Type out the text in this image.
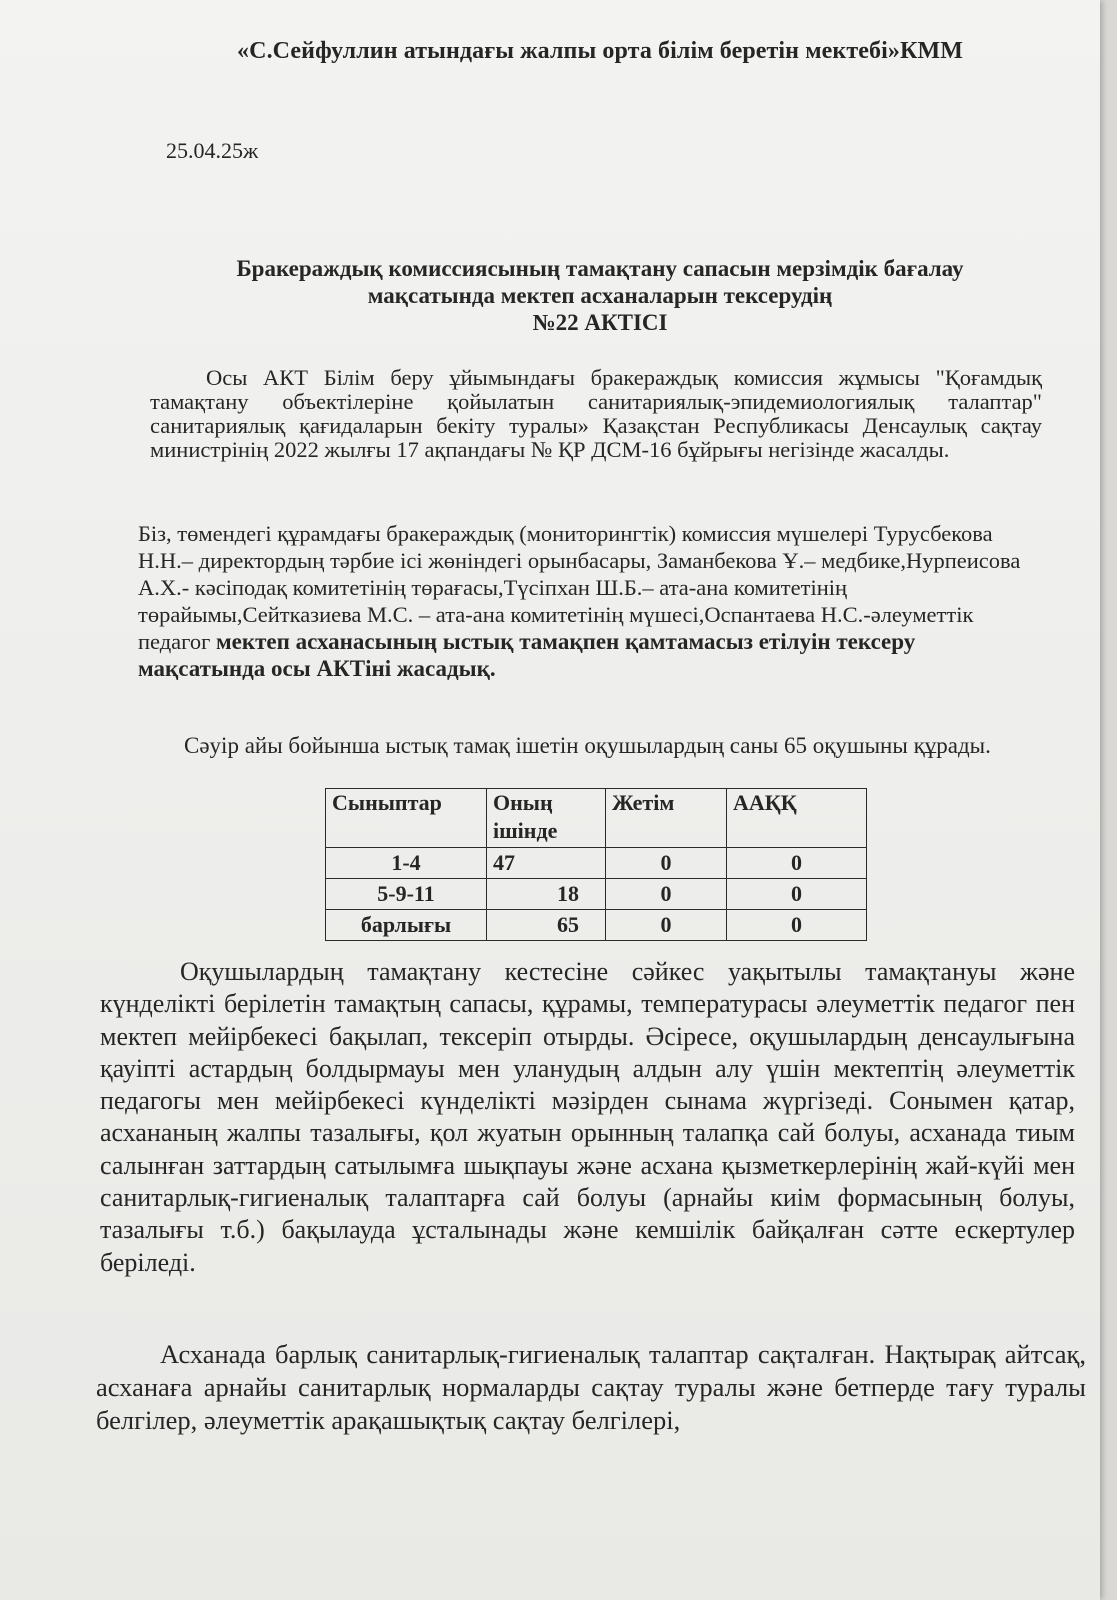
«С.Сейфуллин атындағы жалпы орта білім беретін мектебі»КММ

25.04.25ж

Бракераждық комиссиясының тамақтану сапасын мерзімдік бағалау

мақсатында мектеп асханаларын тексерудің

№22 АКТІСІ

Осы АКТ Білім беру ұйымындағы бракераждық комиссия жұмысы "Қоғамдық тамақтану объектілеріне қойылатын санитариялық-эпидемиологиялық талаптар" санитариялық қағидаларын бекіту туралы» Қазақстан Республикасы Денсаулық сақтау министрінің 2022 жылғы 17 ақпандағы № ҚР ДСМ-16 бұйрығы негізінде жасалды.

Біз, төмендегі құрамдағы бракераждық (мониторингтік) комиссия мүшелері Турусбекова Н.Н.– директордың тәрбие ісі жөніндегі орынбасары, Заманбекова Ұ.– медбике,Нурпеисова А.Х.- кәсіподақ комитетінің төрағасы,Түсіпхан Ш.Б.– ата-ана комитетінің төрайымы,Сейтказиева М.С. – ата-ана комитетінің мүшесі,Оспантаева Н.С.-әлеуметтік педагог мектеп асханасының ыстық тамақпен қамтамасыз етілуін тексеру мақсатында осы АКТіні жасадық.

Сәуір айы бойынша ыстық тамақ ішетін оқушылардың саны 65 оқушыны құрады.

Сыныптар	Оның ішінде	Жетім	ААҚҚ
1-4	47	0	0
5-9-11	18	0	0
барлығы	65	0	0

Оқушылардың тамақтану кестесіне сәйкес уақытылы тамақтануы және күнделікті берілетін тамақтың сапасы, құрамы, температурасы әлеуметтік педагог пен мектеп мейірбекесі бақылап, тексеріп отырды. Әсіресе, оқушылардың денсаулығына қауіпті астардың болдырмауы мен уланудың алдын алу үшін мектептің әлеуметтік педагогы мен мейірбекесі күнделікті мәзірден сынама жүргізеді. Сонымен қатар, асхананың жалпы тазалығы, қол жуатын орынның талапқа сай болуы, асханада тиым салынған заттардың сатылымға шықпауы және асхана қызметкерлерінің жай-күйі мен санитарлық-гигиеналық талаптарға сай болуы (арнайы киім формасының болуы, тазалығы т.б.) бақылауда ұсталынады және кемшілік байқалған сәтте ескертулер беріледі.

Асханада барлық санитарлық-гигиеналық талаптар сақталған. Нақтырақ айтсақ, асханаға арнайы санитарлық нормаларды сақтау туралы және бетперде тағу туралы белгілер, әлеуметтік арақашықтық сақтау белгілері,
